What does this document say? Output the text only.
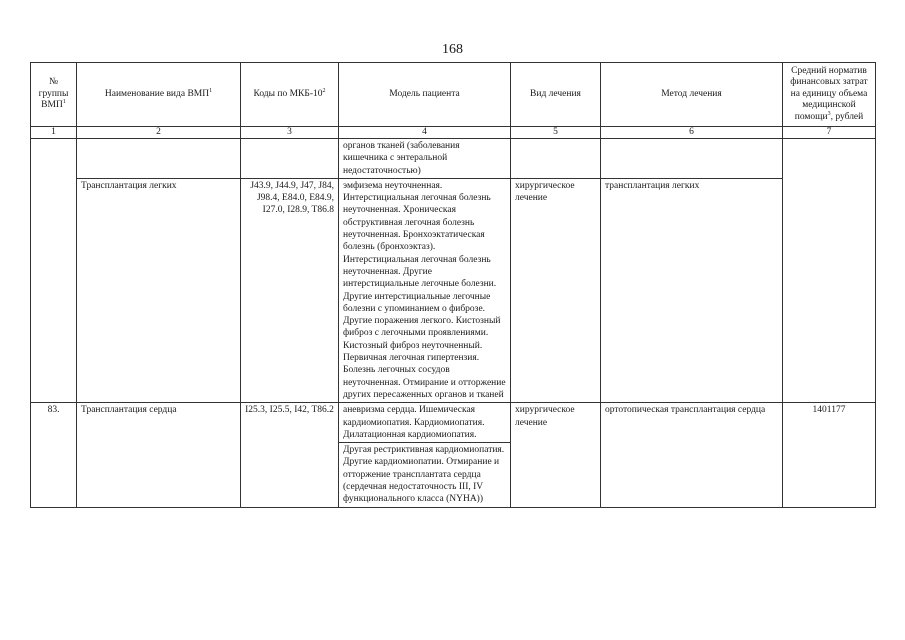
168
№ группы ВМП$^1$	Наименование вида ВМП$^1$	Коды по МКБ-$10^2$	Модель пациента	Вид лечения	Метод лечения	Средний норматив финансовых затрат на единицу объема медицинской помощи$^3$, рублей
1	2	3	4	5	6	7
			органов тканей (заболевания кишечника с энтеральной недостаточностью)			
	Трансплантация легких	J43.9, J44.9, J47, J84, J98.4, E84.0, E84.9, I27.0, I28.9, T86.8	эмфизема неуточненная. Интерстициальная легочная болезнь неуточненная. Хроническая обструктивная легочная болезнь неуточненная. Бронхоэктатическая болезнь (бронхоэктаз). Интерстициальная легочная болезнь неуточненная. Другие интерстициальные легочные болезни. Другие интерстициальные легочные болезни с упоминанием о фиброзе. Другие поражения легкого. Кистозный фиброз с легочными проявлениями. Кистозный фиброз неуточненный. Первичная легочная гипертензия. Болезнь легочных сосудов неуточненная. Отмирание и отторжение других пересаженных органов и тканей	хирургическое лечение	трансплантация легких	
83.	Трансплантация сердца	I25.3, I25.5, I42, T86.2	аневризма сердца. Ишемическая кардиомиопатия. Кардиомиопатия. Дилатационная кардиомиопатия.	хирургическое лечение	ортотопическая трансплантация сердца	1401177
			Другая рестриктивная кардиомиопатия. Другие кардиомиопатии. Отмирание и отторжение трансплантата сердца (сердечная недостаточность III, IV функционального класса (NYHA))			
